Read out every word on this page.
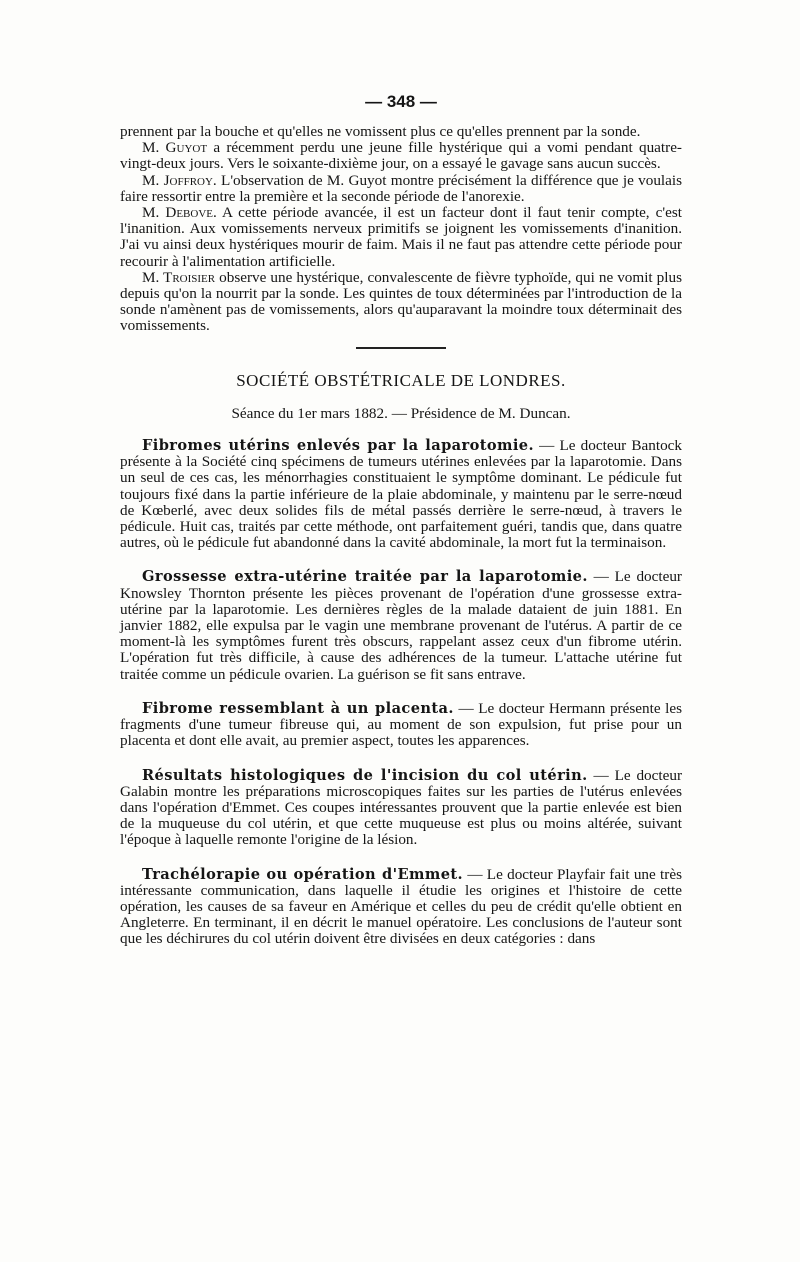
— 348 —

prennent par la bouche et qu'elles ne vomissent plus ce qu'elles prennent par la sonde.

M. Guyot a récemment perdu une jeune fille hystérique qui a vomi pendant quatre-vingt-deux jours. Vers le soixante-dixième jour, on a essayé le gavage sans aucun succès.

M. Joffroy. L'observation de M. Guyot montre précisément la différence que je voulais faire ressortir entre la première et la seconde période de l'anorexie.

M. Debove. A cette période avancée, il est un facteur dont il faut tenir compte, c'est l'inanition. Aux vomissements nerveux primitifs se joignent les vomissements d'inanition. J'ai vu ainsi deux hystériques mourir de faim. Mais il ne faut pas attendre cette période pour recourir à l'alimentation artificielle.

M. Troisier observe une hystérique, convalescente de fièvre typhoïde, qui ne vomit plus depuis qu'on la nourrit par la sonde. Les quintes de toux déterminées par l'introduction de la sonde n'amènent pas de vomissements, alors qu'auparavant la moindre toux déterminait des vomissements.

SOCIÉTÉ OBSTÉTRICALE DE LONDRES.
Séance du 1er mars 1882. — Présidence de M. Duncan.

Fibromes utérins enlevés par la laparotomie. — Le docteur Bantock présente à la Société cinq spécimens de tumeurs utérines enlevées par la laparotomie. Dans un seul de ces cas, les ménorrhagies constituaient le symptôme dominant. Le pédicule fut toujours fixé dans la partie inférieure de la plaie abdominale, y maintenu par le serre-nœud de Kœberlé, avec deux solides fils de métal passés derrière le serre-nœud, à travers le pédicule. Huit cas, traités par cette méthode, ont parfaitement guéri, tandis que, dans quatre autres, où le pédicule fut abandonné dans la cavité abdominale, la mort fut la terminaison.

Grossesse extra-utérine traitée par la laparotomie. — Le docteur Knowsley Thornton présente les pièces provenant de l'opération d'une grossesse extra-utérine par la laparotomie. Les dernières règles de la malade dataient de juin 1881. En janvier 1882, elle expulsa par le vagin une membrane provenant de l'utérus. A partir de ce moment-là les symptômes furent très obscurs, rappelant assez ceux d'un fibrome utérin. L'opération fut très difficile, à cause des adhérences de la tumeur. L'attache utérine fut traitée comme un pédicule ovarien. La guérison se fit sans entrave.

Fibrome ressemblant à un placenta. — Le docteur Hermann présente les fragments d'une tumeur fibreuse qui, au moment de son expulsion, fut prise pour un placenta et dont elle avait, au premier aspect, toutes les apparences.

Résultats histologiques de l'incision du col utérin. — Le docteur Galabin montre les préparations microscopiques faites sur les parties de l'utérus enlevées dans l'opération d'Emmet. Ces coupes intéressantes prouvent que la partie enlevée est bien de la muqueuse du col utérin, et que cette muqueuse est plus ou moins altérée, suivant l'époque à laquelle remonte l'origine de la lésion.

Trachélorapie ou opération d'Emmet. — Le docteur Playfair fait une très intéressante communication, dans laquelle il étudie les origines et l'histoire de cette opération, les causes de sa faveur en Amérique et celles du peu de crédit qu'elle obtient en Angleterre. En terminant, il en décrit le manuel opératoire. Les conclusions de l'auteur sont que les déchirures du col utérin doivent être divisées en deux catégories : dans
